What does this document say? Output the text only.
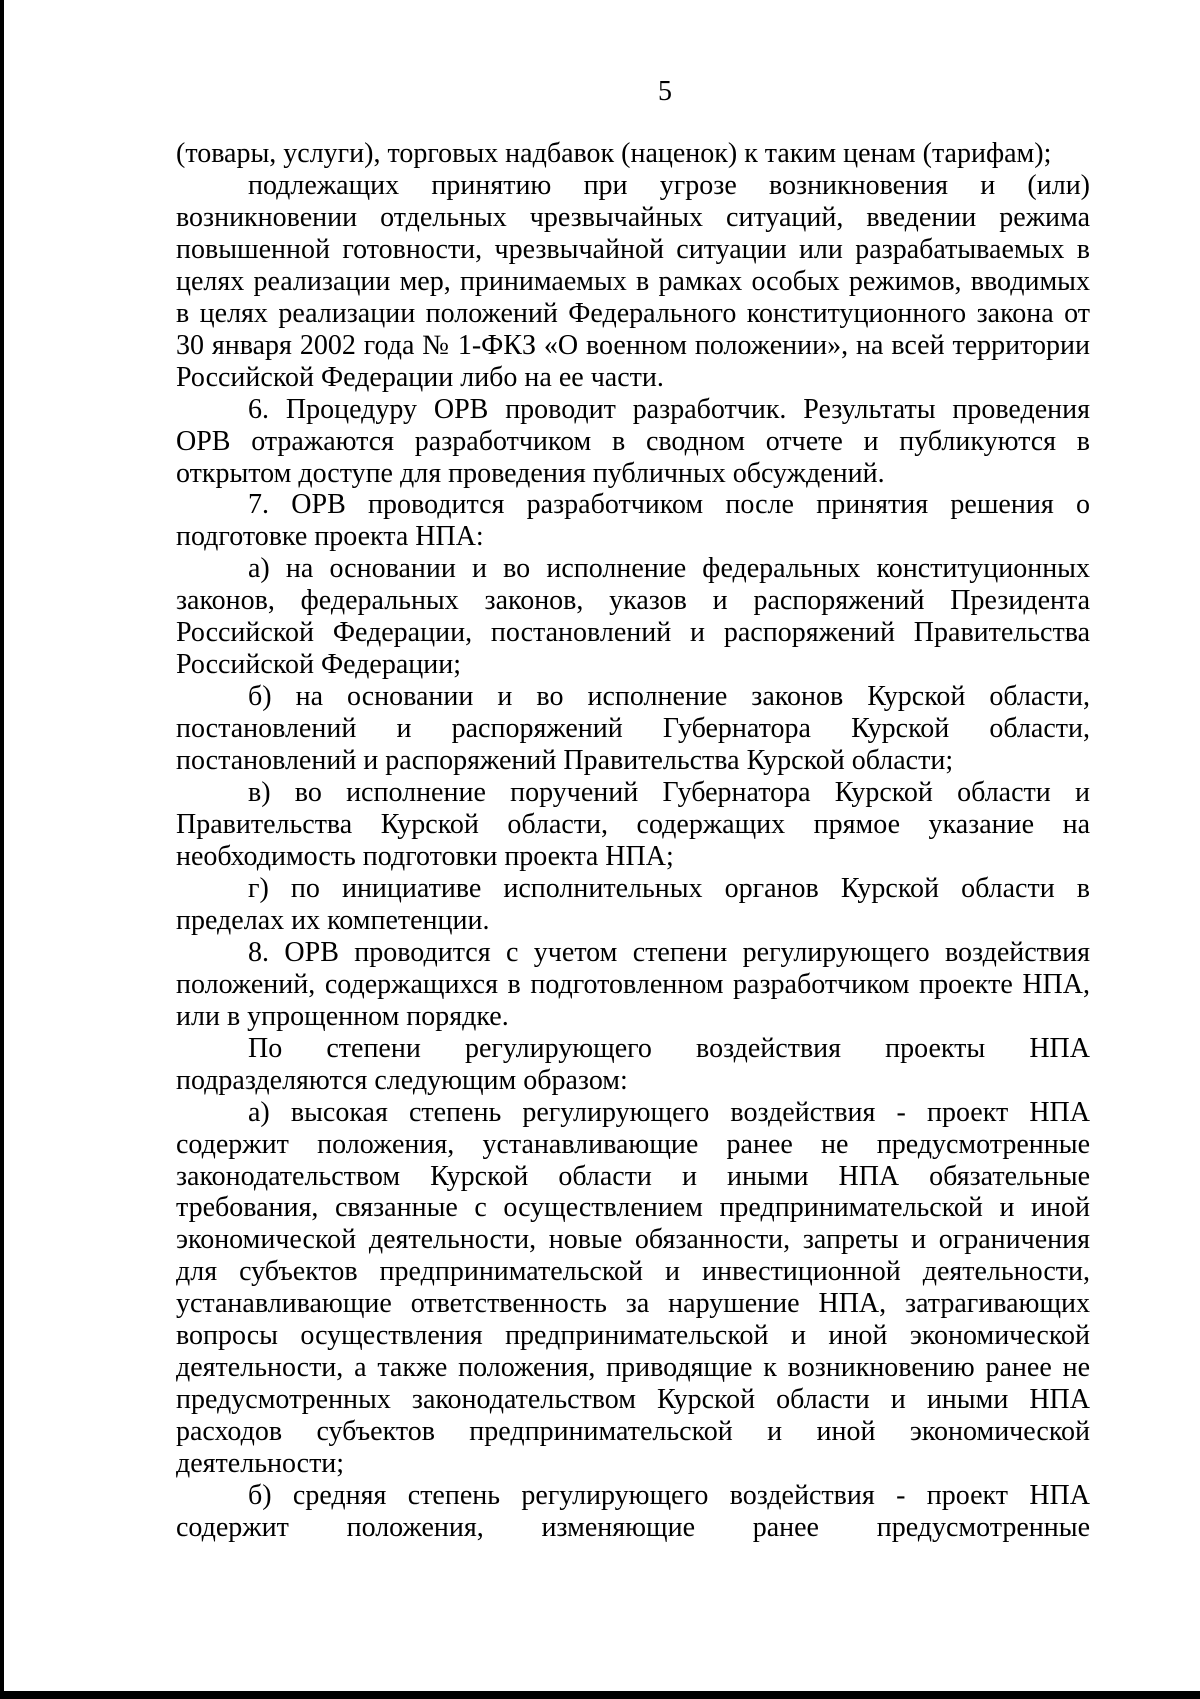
5

(товары, услуги), торговых надбавок (наценок) к таким ценам (тарифам);

подлежащих принятию при угрозе возникновения и (или) возникновении отдельных чрезвычайных ситуаций, введении режима повышенной готовности, чрезвычайной ситуации или разрабатываемых в целях реализации мер, принимаемых в рамках особых режимов, вводимых в целях реализации положений Федерального конституционного закона от 30 января 2002 года № 1-ФКЗ «О военном положении», на всей территории Российской Федерации либо на ее части.

6. Процедуру ОРВ проводит разработчик. Результаты проведения ОРВ отражаются разработчиком в сводном отчете и публикуются в открытом доступе для проведения публичных обсуждений.

7. ОРВ проводится разработчиком после принятия решения о подготовке проекта НПА:

а) на основании и во исполнение федеральных конституционных законов, федеральных законов, указов и распоряжений Президента Российской Федерации, постановлений и распоряжений Правительства Российской Федерации;

б) на основании и во исполнение законов Курской области, постановлений и распоряжений Губернатора Курской области, постановлений и распоряжений Правительства Курской области;

в) во исполнение поручений Губернатора Курской области и Правительства Курской области, содержащих прямое указание на необходимость подготовки проекта НПА;

г) по инициативе исполнительных органов Курской области в пределах их компетенции.

8. ОРВ проводится с учетом степени регулирующего воздействия положений, содержащихся в подготовленном разработчиком проекте НПА, или в упрощенном порядке.

По степени регулирующего воздействия проекты НПА подразделяются следующим образом:

а) высокая степень регулирующего воздействия - проект НПА содержит положения, устанавливающие ранее не предусмотренные законодательством Курской области и иными НПА обязательные требования, связанные с осуществлением предпринимательской и иной экономической деятельности, новые обязанности, запреты и ограничения для субъектов предпринимательской и инвестиционной деятельности, устанавливающие ответственность за нарушение НПА, затрагивающих вопросы осуществления предпринимательской и иной экономической деятельности, а также положения, приводящие к возникновению ранее не предусмотренных законодательством Курской области и иными НПА расходов субъектов предпринимательской и иной экономической деятельности;

б) средняя степень регулирующего воздействия - проект НПА содержит положения, изменяющие ранее предусмотренные
